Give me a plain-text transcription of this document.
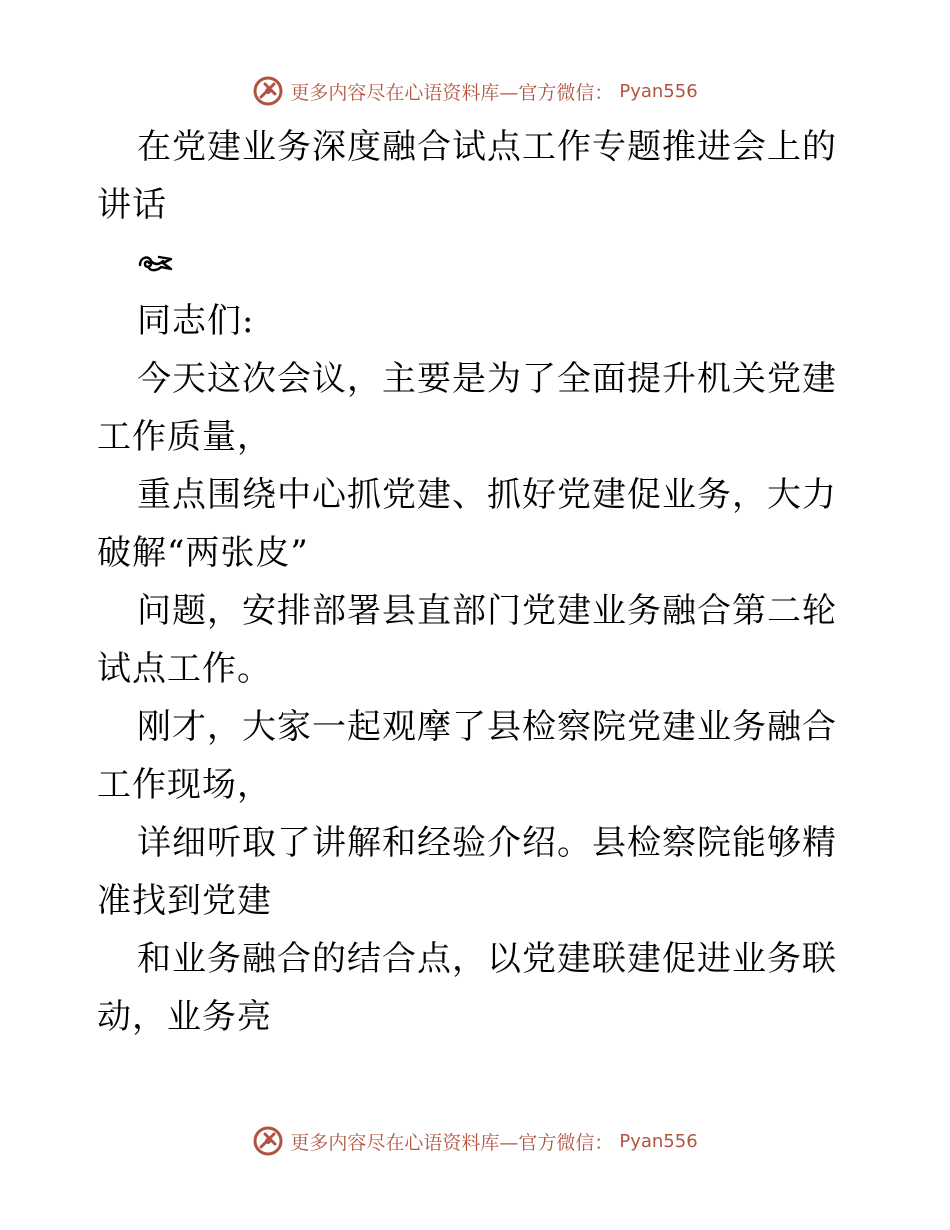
更多内容尽在心语资料库—官方微信： Pyan556

在党建业务深度融合试点工作专题推进会上的讲话

同志们:

今天这次会议，主要是为了全面提升机关党建工作质量，

重点围绕中心抓党建、抓好党建促业务，大力破解“两张皮”

问题，安排部署县直部门党建业务融合第二轮试点工作。

刚才，大家一起观摩了县检察院党建业务融合工作现场，

详细听取了讲解和经验介绍。县检察院能够精准找到党建

和业务融合的结合点，以党建联建促进业务联动，业务亮

更多内容尽在心语资料库—官方微信： Pyan556
